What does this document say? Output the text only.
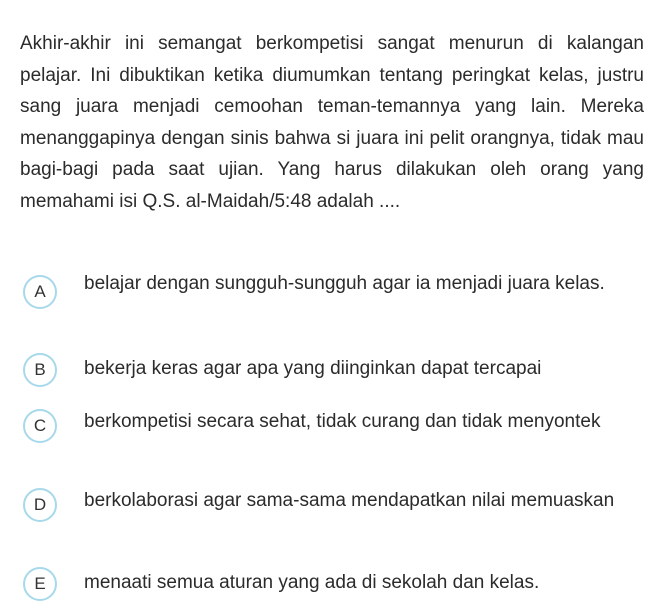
Akhir-akhir ini semangat berkompetisi sangat menurun di kalangan pelajar. Ini dibuktikan ketika diumumkan tentang peringkat kelas, justru sang juara menjadi cemoohan teman-temannya yang lain. Mereka menanggapinya dengan sinis bahwa si juara ini pelit orangnya, tidak mau bagi-bagi pada saat ujian. Yang harus dilakukan oleh orang yang memahami isi Q.S. al-Maidah/5:48 adalah ....

A	belajar dengan sungguh-sungguh agar ia menjadi juara kelas.

B	bekerja keras agar apa yang diinginkan dapat tercapai

C	berkompetisi secara sehat, tidak curang dan tidak menyontek

D	berkolaborasi agar sama-sama mendapatkan nilai memuaskan

E	menaati semua aturan yang ada di sekolah dan kelas.
